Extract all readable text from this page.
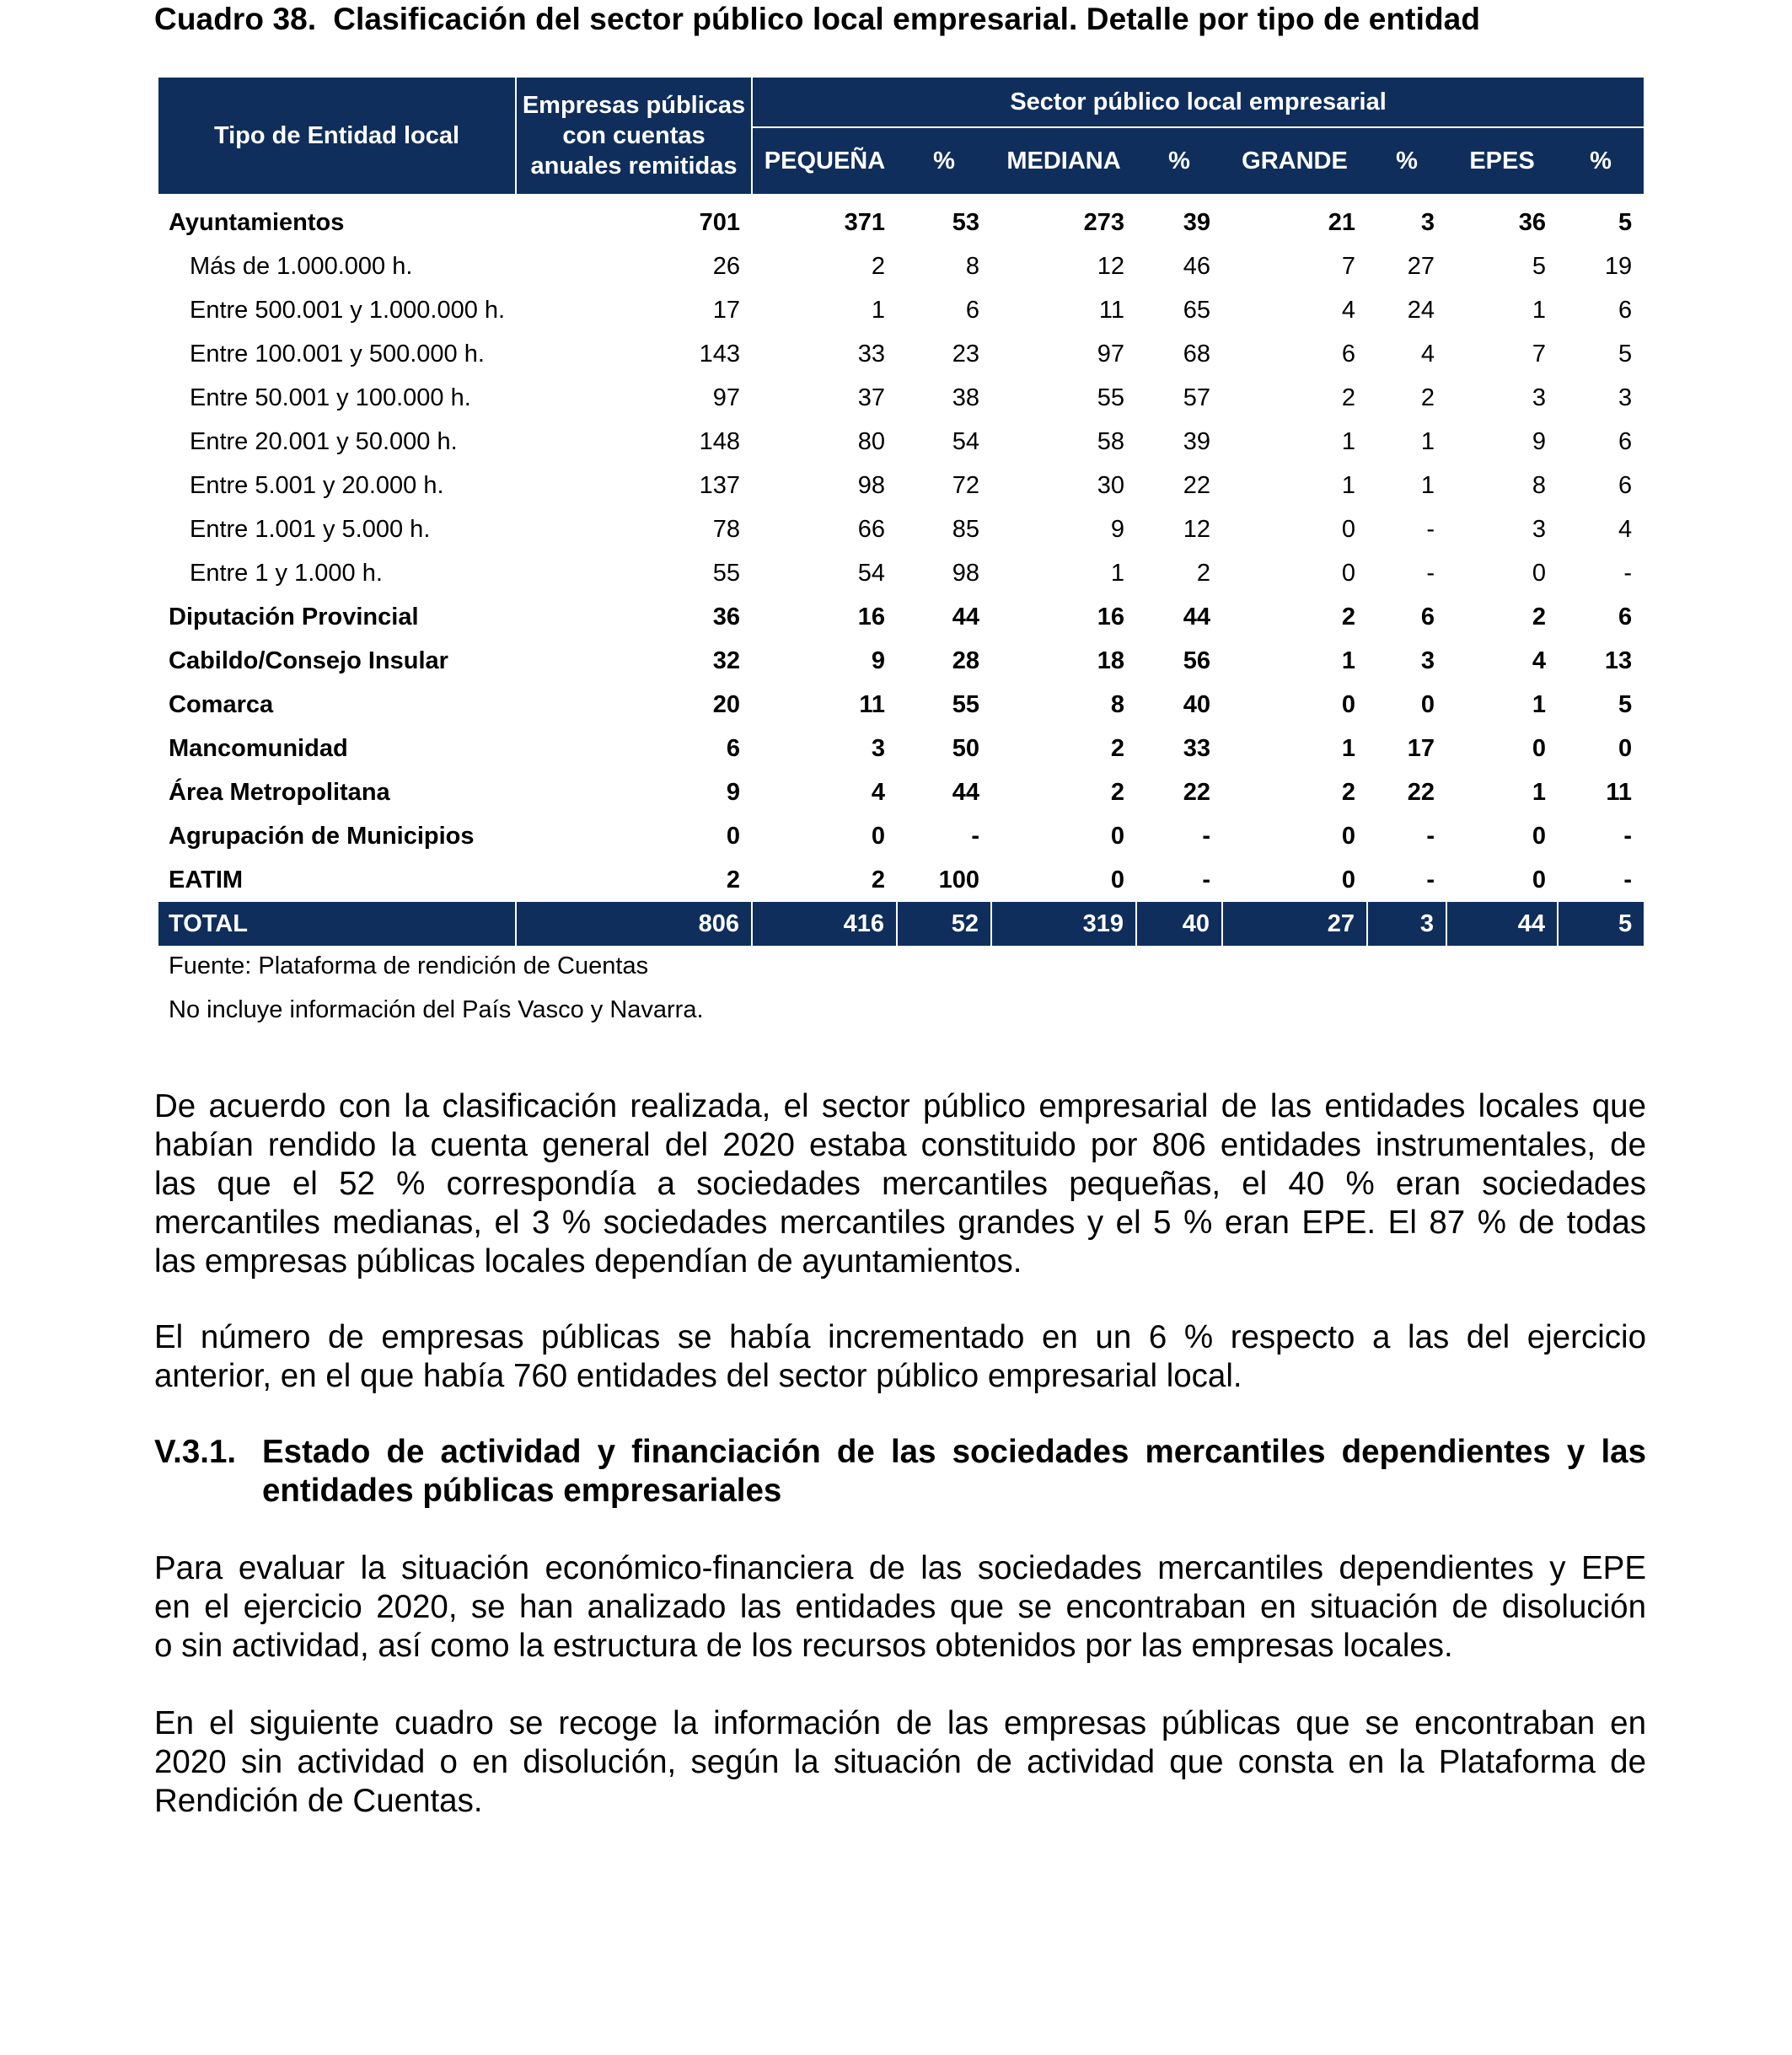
Cuadro 38. Clasificación del sector público local empresarial. Detalle por tipo de entidad
Tipo de Entidad local	Empresas públicas
con cuentas
anuales remitidas	Sector público local empresarial							
		PEQUEÑA	%	MEDIANA	%	GRANDE	%	EPES	%
Ayuntamientos	701	371	53	273	39	21	3	36	5
Más de 1.000.000 h.	26	2	8	12	46	7	27	5	19
Entre 500.001 y 1.000.000 h.	17	1	6	11	65	4	24	1	6
Entre 100.001 y 500.000 h.	143	33	23	97	68	6	4	7	5
Entre 50.001 y 100.000 h.	97	37	38	55	57	2	2	3	3
Entre 20.001 y 50.000 h.	148	80	54	58	39	1	1	9	6
Entre 5.001 y 20.000 h.	137	98	72	30	22	1	1	8	6
Entre 1.001 y 5.000 h.	78	66	85	9	12	0	-	3	4
Entre 1 y 1.000 h.	55	54	98	1	2	0	-	0	-
Diputación Provincial	36	16	44	16	44	2	6	2	6
Cabildo/Consejo Insular	32	9	28	18	56	1	3	4	13
Comarca	20	11	55	8	40	0	0	1	5
Mancomunidad	6	3	50	2	33	1	17	0	0
Área Metropolitana	9	4	44	2	22	2	22	1	11
Agrupación de Municipios	0	0	-	0	-	0	-	0	-
EATIM	2	2	100	0	-	0	-	0	-
TOTAL	806	416	52	319	40	27	3	44	5
Fuente: Plataforma de rendición de Cuentas
No incluye información del País Vasco y Navarra.
De acuerdo con la clasificación realizada, el sector público empresarial de las entidades locales que
habían rendido la cuenta general del 2020 estaba constituido por 806 entidades instrumentales, de
las que el 52 % correspondía a sociedades mercantiles pequeñas, el 40 % eran sociedades
mercantiles medianas, el 3 % sociedades mercantiles grandes y el 5 % eran EPE. El 87 % de todas
las empresas públicas locales dependían de ayuntamientos.
El número de empresas públicas se había incrementado en un 6 % respecto a las del ejercicio
anterior, en el que había 760 entidades del sector público empresarial local.
V.3.1. Estado de actividad y financiación de las sociedades mercantiles dependientes y las
entidades públicas empresariales
Para evaluar la situación económico-financiera de las sociedades mercantiles dependientes y EPE
en el ejercicio 2020, se han analizado las entidades que se encontraban en situación de disolución
o sin actividad, así como la estructura de los recursos obtenidos por las empresas locales.
En el siguiente cuadro se recoge la información de las empresas públicas que se encontraban en
2020 sin actividad o en disolución, según la situación de actividad que consta en la Plataforma de
Rendición de Cuentas.
